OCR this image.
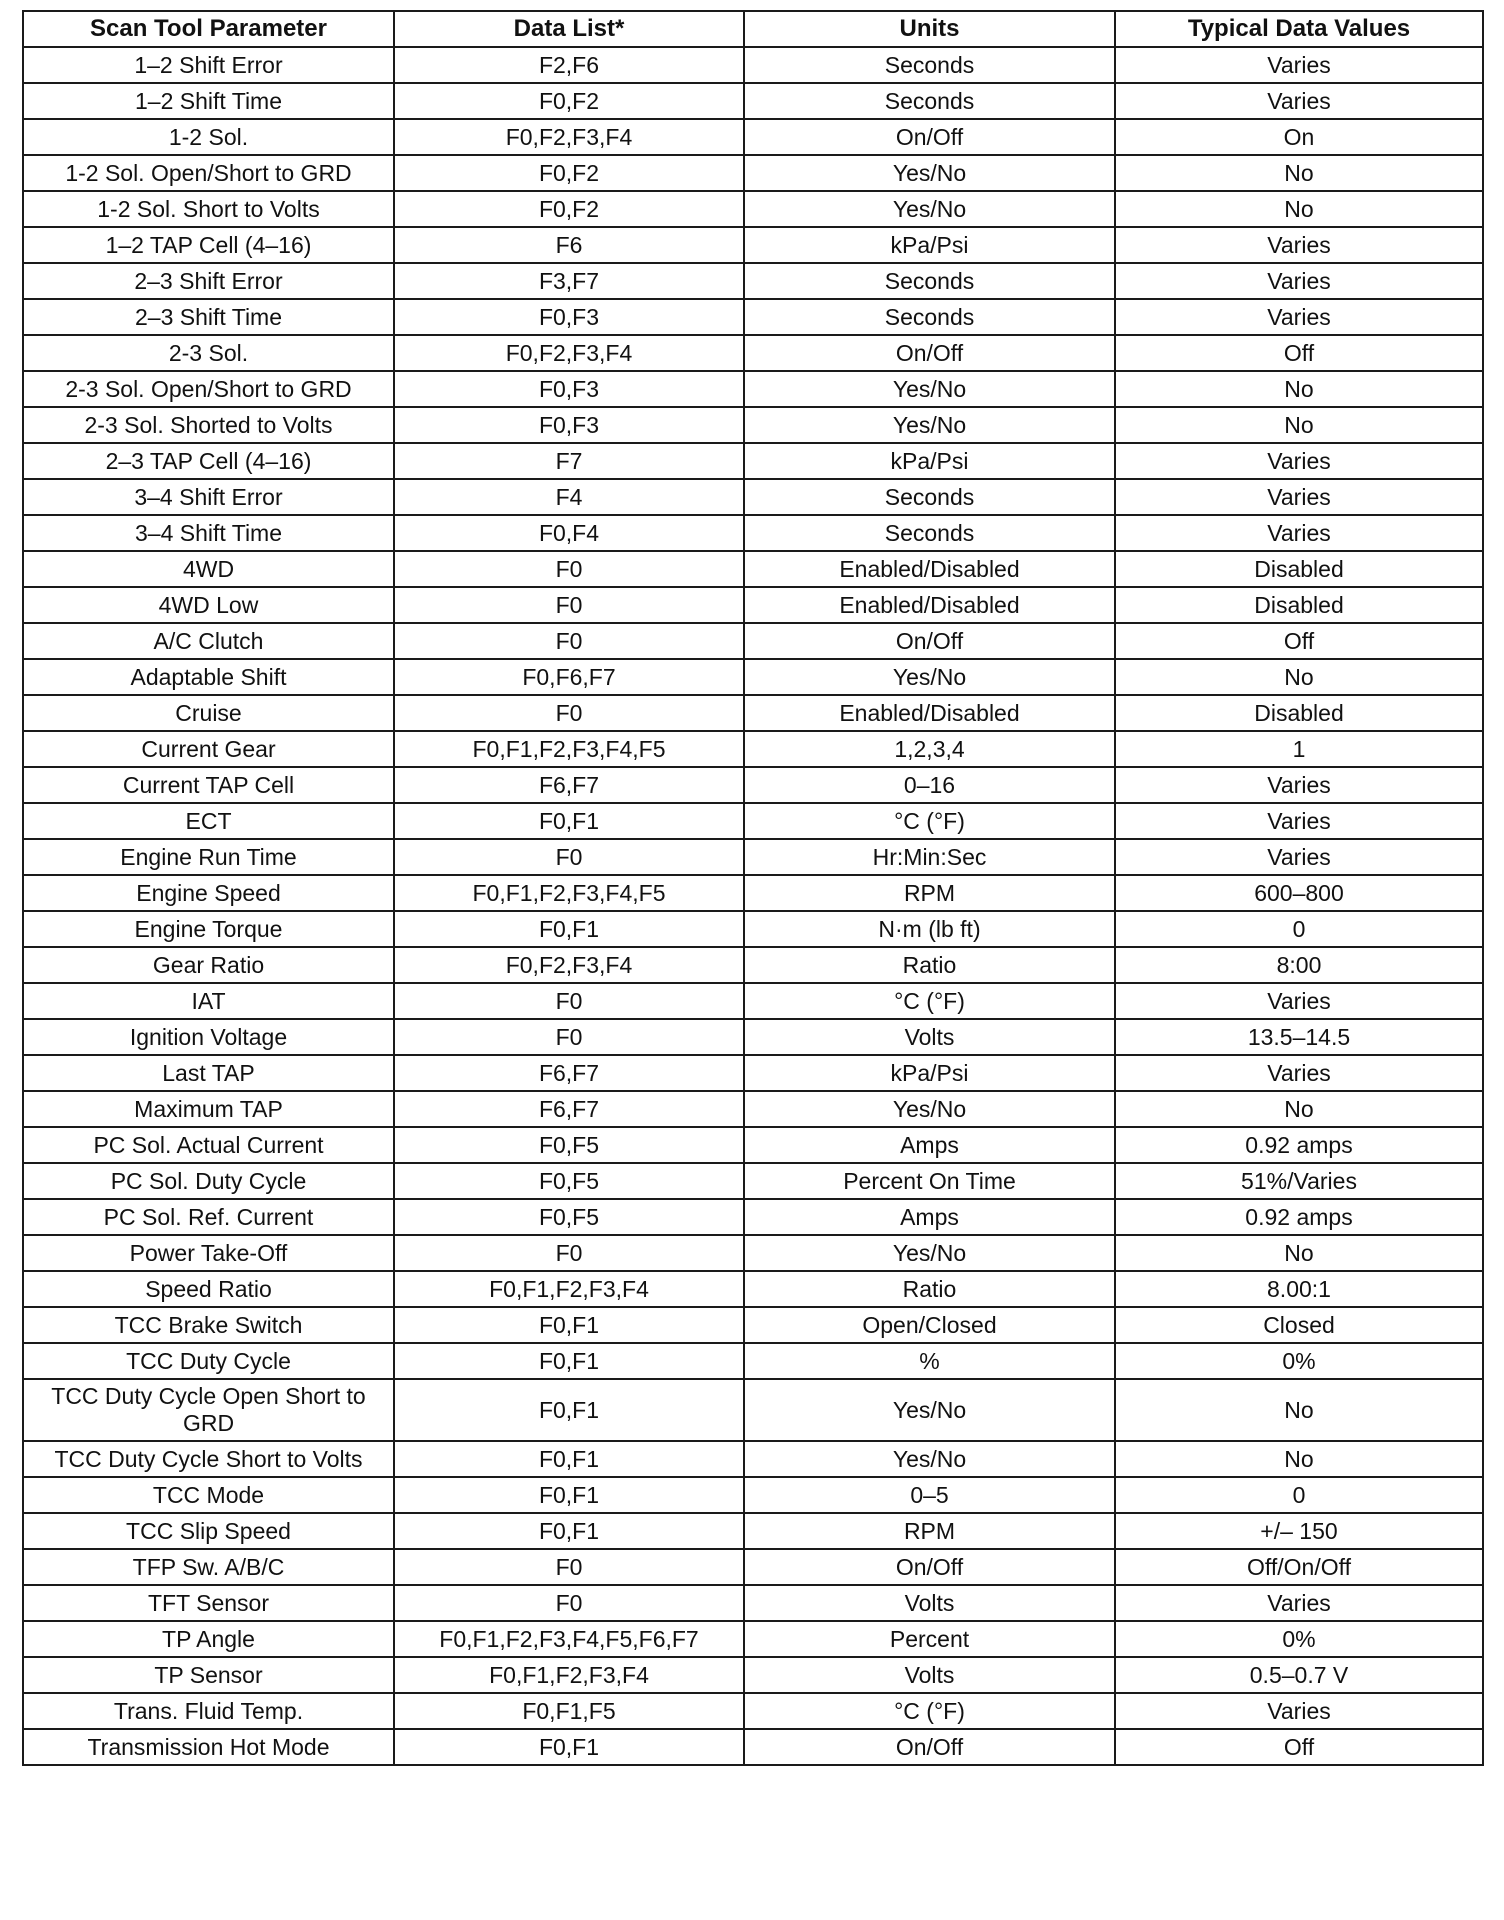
Scan Tool Parameter	Data List*	Units	Typical Data Values
1–2 Shift Error	F2,F6	Seconds	Varies
1–2 Shift Time	F0,F2	Seconds	Varies
1-2 Sol.	F0,F2,F3,F4	On/Off	On
1-2 Sol. Open/Short to GRD	F0,F2	Yes/No	No
1-2 Sol. Short to Volts	F0,F2	Yes/No	No
1–2 TAP Cell (4–16)	F6	kPa/Psi	Varies
2–3 Shift Error	F3,F7	Seconds	Varies
2–3 Shift Time	F0,F3	Seconds	Varies
2-3 Sol.	F0,F2,F3,F4	On/Off	Off
2-3 Sol. Open/Short to GRD	F0,F3	Yes/No	No
2-3 Sol. Shorted to Volts	F0,F3	Yes/No	No
2–3 TAP Cell (4–16)	F7	kPa/Psi	Varies
3–4 Shift Error	F4	Seconds	Varies
3–4 Shift Time	F0,F4	Seconds	Varies
4WD	F0	Enabled/Disabled	Disabled
4WD Low	F0	Enabled/Disabled	Disabled
A/C Clutch	F0	On/Off	Off
Adaptable Shift	F0,F6,F7	Yes/No	No
Cruise	F0	Enabled/Disabled	Disabled
Current Gear	F0,F1,F2,F3,F4,F5	1,2,3,4	1
Current TAP Cell	F6,F7	0–16	Varies
ECT	F0,F1	°C (°F)	Varies
Engine Run Time	F0	Hr:Min:Sec	Varies
Engine Speed	F0,F1,F2,F3,F4,F5	RPM	600–800
Engine Torque	F0,F1	N·m (lb ft)	0
Gear Ratio	F0,F2,F3,F4	Ratio	8:00
IAT	F0	°C (°F)	Varies
Ignition Voltage	F0	Volts	13.5–14.5
Last TAP	F6,F7	kPa/Psi	Varies
Maximum TAP	F6,F7	Yes/No	No
PC Sol. Actual Current	F0,F5	Amps	0.92 amps
PC Sol. Duty Cycle	F0,F5	Percent On Time	51%/Varies
PC Sol. Ref. Current	F0,F5	Amps	0.92 amps
Power Take-Off	F0	Yes/No	No
Speed Ratio	F0,F1,F2,F3,F4	Ratio	8.00:1
TCC Brake Switch	F0,F1	Open/Closed	Closed
TCC Duty Cycle	F0,F1	%	0%
TCC Duty Cycle Open Short to GRD	F0,F1	Yes/No	No
TCC Duty Cycle Short to Volts	F0,F1	Yes/No	No
TCC Mode	F0,F1	0–5	0
TCC Slip Speed	F0,F1	RPM	+/– 150
TFP Sw. A/B/C	F0	On/Off	Off/On/Off
TFT Sensor	F0	Volts	Varies
TP Angle	F0,F1,F2,F3,F4,F5,F6,F7	Percent	0%
TP Sensor	F0,F1,F2,F3,F4	Volts	0.5–0.7 V
Trans. Fluid Temp.	F0,F1,F5	°C (°F)	Varies
Transmission Hot Mode	F0,F1	On/Off	Off
